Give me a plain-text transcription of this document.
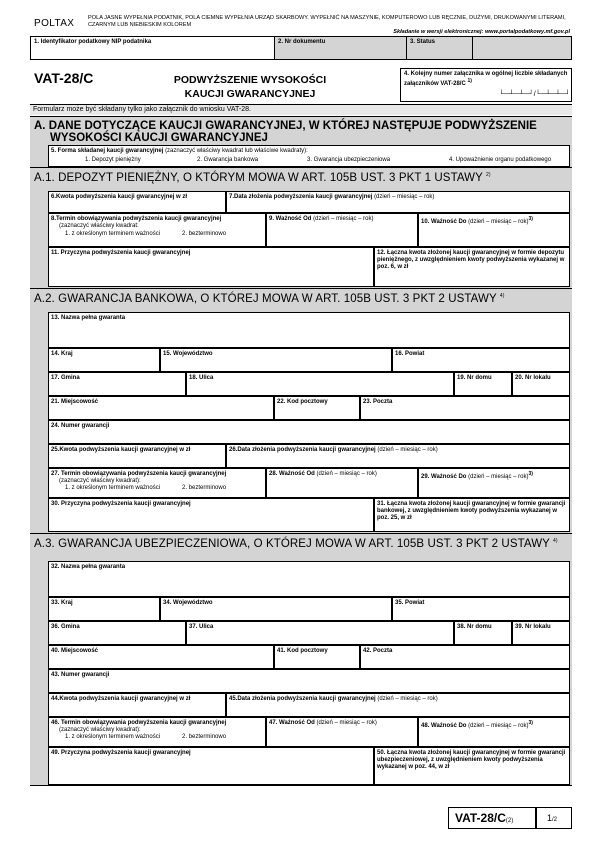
POLTAX POLA JASNE WYPEŁNIA PODATNIK, POLA CIEMNE WYPEŁNIA URZĄD SKARBOWY. WYPEŁNIĆ NA MASZYNIE, KOMPUTEROWO LUB RĘCZNIE, DUŻYMI, DRUKOWANYMI LITERAMI, CZARNYM LUB NIEBIESKIM KOLOREM
Składanie w wersji elektronicznej: www.portalpodatkowy.mf.gov.pl
1. Identyfikator podatkowy NIP podatnika	2. Nr dokumentu	3. Status
VAT-28/C	PODWYŻSZENIE WYSOKOŚCI
KAUCJI GWARANCYJNEJ
4. Kolejny numer załącznika w ogólnej liczbie składanych załączników VAT-28/C $^{1)}$
└─┴─┴─┘/└─┴─┴─┘
Formularz może być składany tylko jako załącznik do wniosku VAT-28.
A. DANE DOTYCZĄCE KAUCJI GWARANCYJNEJ, W KTÓREJ NASTĘPUJE PODWYŻSZENIE
WYSOKOŚCI KAUCJI GWARANCYJNEJ
5. Forma składanej kaucji gwarancyjnej (zaznaczyć właściwy kwadrat lub właściwe kwadraty):
1. Depozyt pieniężny	2. Gwarancja bankowa	3. Gwarancja ubezpieczeniowa	4. Upoważnienie organu podatkowego
A.1. DEPOZYT PIENIĘŻNY, O KTÓRYM MOWA W ART. 105B UST. 3 PKT 1 USTAWY $^{2)}$
6.Kwota podwyższenia kaucji gwarancyjnej w zł	7.Data złożenia podwyższenia kaucji gwarancyjnej (dzień – miesiąc – rok)
8.Termin obowiązywania podwyższenia kaucji gwarancyjnej
(zaznaczyć właściwy kwadrat:
1. z określonym terminem ważności	2. bezterminowo
9. Ważność Od (dzień – miesiąc – rok)	10. Ważność Do (dzień – miesiąc – rok)$^{3)}$
11. Przyczyna podwyższenia kaucji gwarancyjnej	12. Łączna kwota złożonej kaucji gwarancyjnej w formie depozytu pieniężnego, z uwzględnieniem kwoty podwyższenia wykazanej w poz. 6, w zł
A.2. GWARANCJA BANKOWA, O KTÓREJ MOWA W ART. 105B UST. 3 PKT 2 USTAWY $^{4)}$
13. Nazwa pełna gwaranta
14. Kraj	15. Województwo	16. Powiat
17. Gmina	18. Ulica	19. Nr domu	20. Nr lokalu
21. Miejscowość	22. Kod pocztowy	23. Poczta
24. Numer gwarancji
25.Kwota podwyższenia kaucji gwarancyjnej w zł	26.Data złożenia podwyższenia kaucji gwarancyjnej (dzień – miesiąc – rok)
27. Termin obowiązywania podwyższenia kaucji gwarancyjnej
(zaznaczyć właściwy kwadrat):
1. z określonym terminem ważności	2. bezterminowo
28. Ważność Od (dzień – miesiąc – rok)	29. Ważność Do (dzień – miesiąc – rok)$^{3)}$
30. Przyczyna podwyższenia kaucji gwarancyjnej	31. Łączna kwota złożonej kaucji gwarancyjnej w formie gwarancji bankowej, z uwzględnieniem kwoty podwyższenia wykazanej w poz. 25, w zł
A.3. GWARANCJA UBEZPIECZENIOWA, O KTÓREJ MOWA W ART. 105B UST. 3 PKT 2 USTAWY $^{4)}$
32. Nazwa pełna gwaranta
33. Kraj	34. Województwo	35. Powiat
36. Gmina	37. Ulica	38. Nr domu	39. Nr lokalu
40. Miejscowość	41. Kod pocztowy	42. Poczta
43. Numer gwarancji
44.Kwota podwyższenia kaucji gwarancyjnej w zł	45.Data złożenia podwyższenia kaucji gwarancyjnej (dzień – miesiąc – rok)
46. Termin obowiązywania podwyższenia kaucji gwarancyjnej
(zaznaczyć właściwy kwadrat):
1. z określonym terminem ważności	2. bezterminowo
47. Ważność Od (dzień – miesiąc – rok)	48. Ważność Do (dzień – miesiąc – rok)$^{3)}$
49. Przyczyna podwyższenia kaucji gwarancyjnej	50. Łączna kwota złożonej kaucji gwarancyjnej w formie gwarancji ubezpieczeniowej, z uwzględnieniem kwoty podwyższenia wykazanej w poz. 44, w zł
VAT-28/C(2)	1/2
